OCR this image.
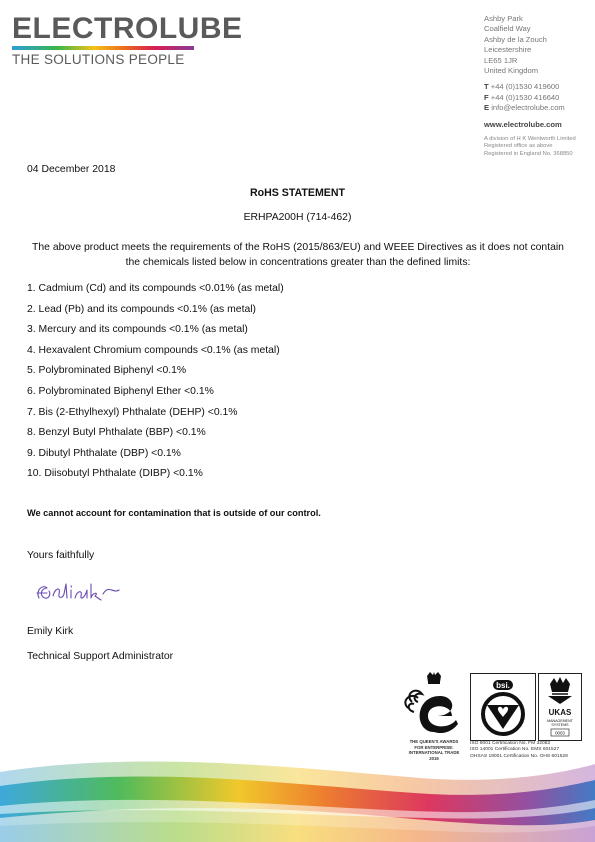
ELECTROLUBE
THE SOLUTIONS PEOPLE
Ashby Park
Coalfield Way
Ashby de la Zouch
Leicestershire
LE65 1JR
United Kingdom
T +44 (0)1530 419600
F +44 (0)1530 416640
E info@electrolube.com
www.electrolube.com
A division of H K Wentworth Limited
Registered office as above
Registered in England No. 368850
04 December 2018
RoHS STATEMENT
ERHPA200H (714-462)
The above product meets the requirements of the RoHS (2015/863/EU) and WEEE Directives as it does not contain the chemicals listed below in concentrations greater than the defined limits:
1. Cadmium (Cd) and its compounds <0.01% (as metal)
2. Lead (Pb) and its compounds <0.1% (as metal)
3. Mercury and its compounds <0.1% (as metal)
4. Hexavalent Chromium compounds <0.1% (as metal)
5. Polybrominated Biphenyl <0.1%
6. Polybrominated Biphenyl Ether <0.1%
7. Bis (2-Ethylhexyl) Phthalate (DEHP) <0.1%
8. Benzyl Butyl Phthalate (BBP) <0.1%
9. Dibutyl Phthalate (DBP) <0.1%
10. Diisobutyl Phthalate (DIBP) <0.1%
We cannot account for contamination that is outside of our control.
Yours faithfully
Emily Kirk
Technical Support Administrator
THE QUEEN'S AWARDS
FOR ENTERPRISE:
INTERNATIONAL TRADE
2016
bsi.
UKAS
MANAGEMENT
SYSTEMS
0003
ISO 9001 Certification No. FM 32082
ISO 14001 Certification No. EMS 601527
OHSAS 18001 Certification No. OHS 601528
